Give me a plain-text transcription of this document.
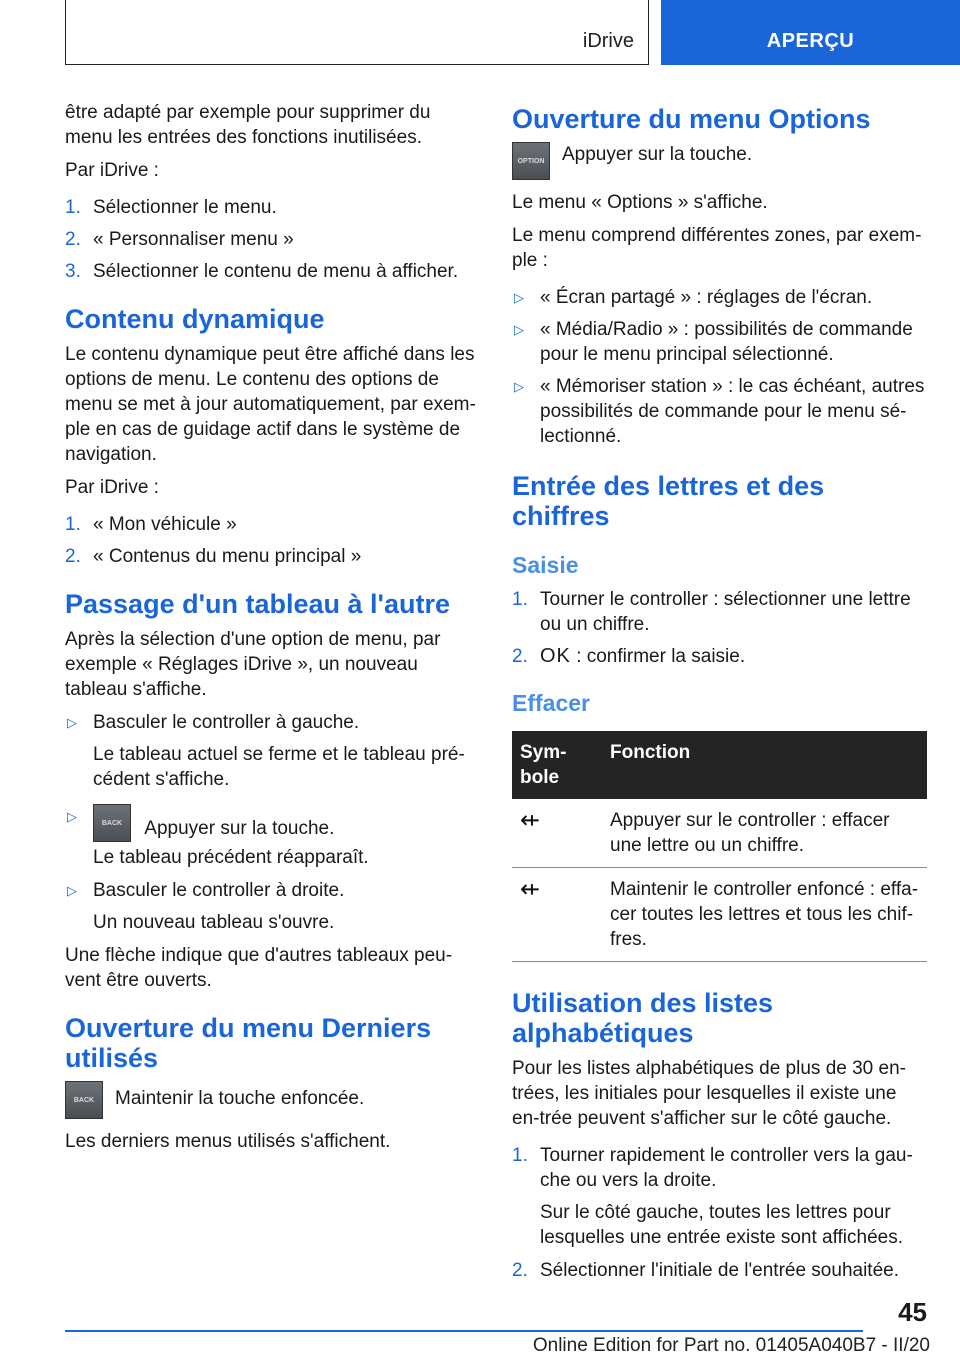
iDrive	APERÇU

être adapté par exemple pour supprimer du menu les entrées des fonctions inutilisées.

Par iDrive :

1. Sélectionner le menu.
2. « Personnaliser menu »
3. Sélectionner le contenu de menu à afficher.
Contenu dynamique

Le contenu dynamique peut être affiché dans les options de menu. Le contenu des options de menu se met à jour automatiquement, par exem‐ple en cas de guidage actif dans le système de navigation.

Par iDrive :

1. « Mon véhicule »
2. « Contenus du menu principal »
Passage d'un tableau à l'autre

Après la sélection d'une option de menu, par exemple « Réglages iDrive », un nouveau tableau s'affiche.

▷ Basculer le controller à gauche.

Le tableau actuel se ferme et le tableau pré‐cédent s'affiche.

▷	BACK	Appuyer sur la touche.

Le tableau précédent réapparaît.

▷ Basculer le controller à droite.

Un nouveau tableau s'ouvre.

Une flèche indique que d'autres tableaux peu‐vent être ouverts.

Ouverture du menu Derniers utilisés
BACK	Maintenir la touche enfoncée.

Les derniers menus utilisés s'affichent.

Ouverture du menu Options
OPTION Appuyer sur la touche.

Le menu « Options » s'affiche.

Le menu comprend différentes zones, par exem‐ple :

▷ « Écran partagé » : réglages de l'écran.
▷ « Média/Radio » : possibilités de commande pour le menu principal sélectionné.
▷ « Mémoriser station » : le cas échéant, autres possibilités de commande pour le menu sé‐lectionné.
Entrée des lettres et des chiffres
Saisie
1. Tourner le controller : sélectionner une lettre ou un chiffre.
2. OK : confirmer la saisie.
Effacer
Sym‐bole	Fonction
⇷	Appuyer sur le controller : effacer une lettre ou un chiffre.
⇷	Maintenir le controller enfoncé : effa‐cer toutes les lettres et tous les chif‐fres.
Utilisation des listes alphabétiques

Pour les listes alphabétiques de plus de 30 en‐trées, les initiales pour lesquelles il existe une en‐trée peuvent s'afficher sur le côté gauche.

1. Tourner rapidement le controller vers la gau‐che ou vers la droite.

Sur le côté gauche, toutes les lettres pour lesquelles une entrée existe sont affichées.

2. Sélectionner l'initiale de l'entrée souhaitée.
45
Online Edition for Part no. 01405A040B7 - II/20
